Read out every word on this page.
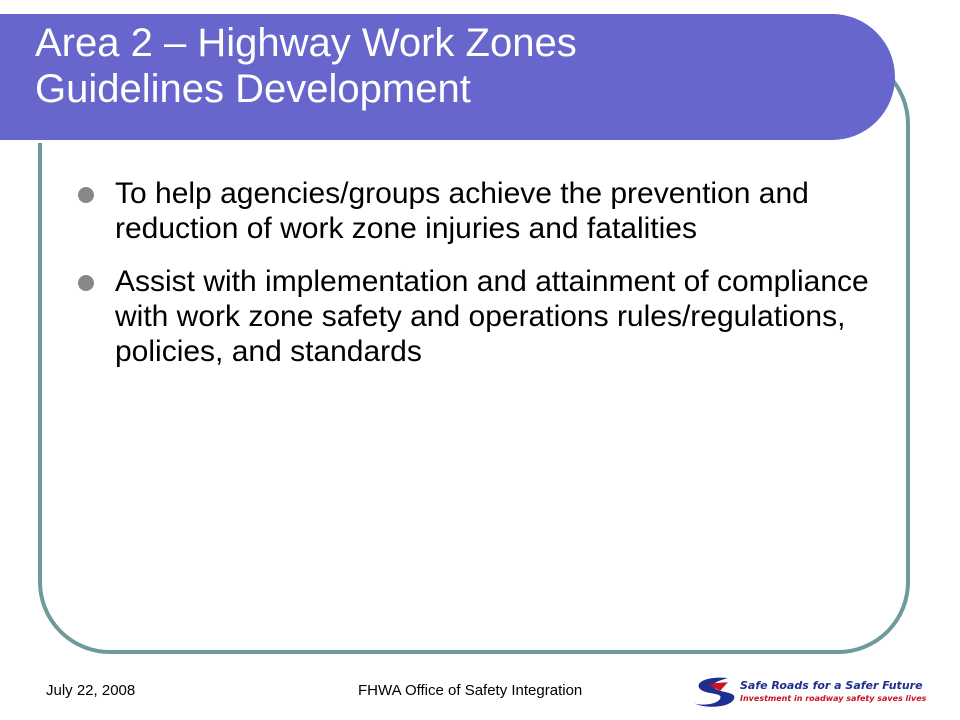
Area 2 – Highway Work Zones
Guidelines Development
To help agencies/groups achieve the prevention and reduction of work zone injuries and fatalities
Assist with implementation and attainment of compliance with work zone safety and operations rules/regulations, policies, and standards
July 22, 2008	FHWA Office of Safety Integration	Safe Roads for a Safer Future
Investment in roadway safety saves lives
